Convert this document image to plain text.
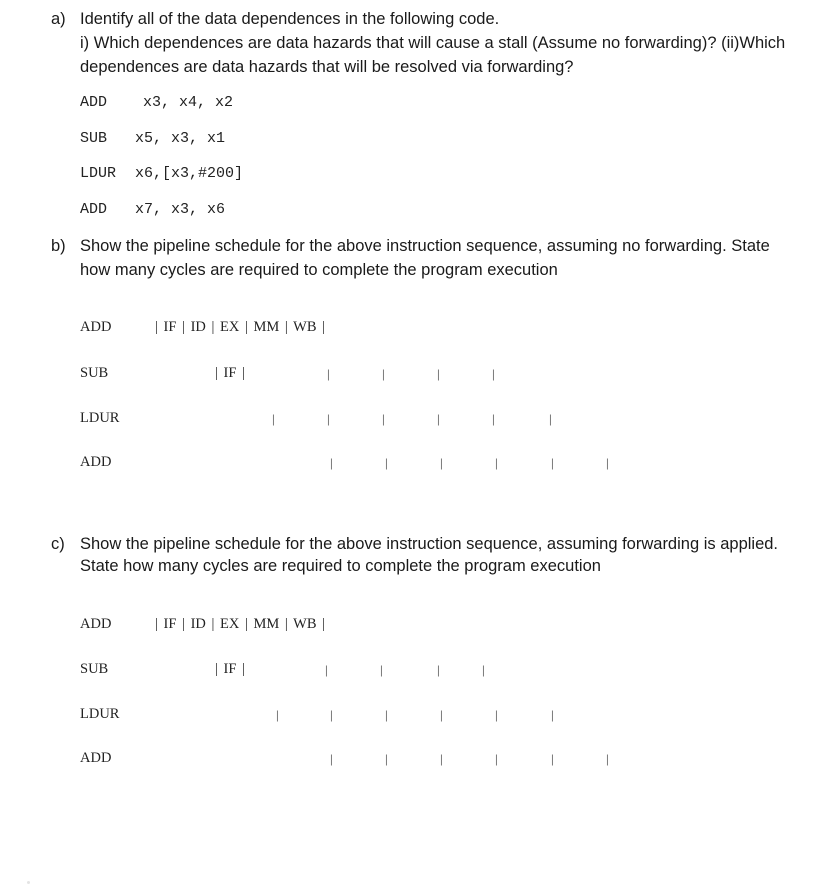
a) Identify all of the data dependences in the following code.
i) Which dependences are data hazards that will cause a stall (Assume no forwarding)? (ii)Which
dependences are data hazards that will be resolved via forwarding?
ADD x3, x4, x2
SUB x5, x3, x1
LDUR x6,[x3,#200]
ADD x7, x3, x6
b) Show the pipeline schedule for the above instruction sequence, assuming no forwarding. State
how many cycles are required to complete the program execution
ADD	| IF | ID | EX | MM | WB |
SUB	| IF |	|	|	|	|
LDUR	|	|	|	|	|	|
ADD	|	|	|	|	|	|
c) Show the pipeline schedule for the above instruction sequence, assuming forwarding is applied.
State how many cycles are required to complete the program execution
ADD	| IF | ID | EX | MM | WB |
SUB	| IF |	|	|	|	|
LDUR	|	|	|	|	|	|
ADD	|	|	|	|	|	|
